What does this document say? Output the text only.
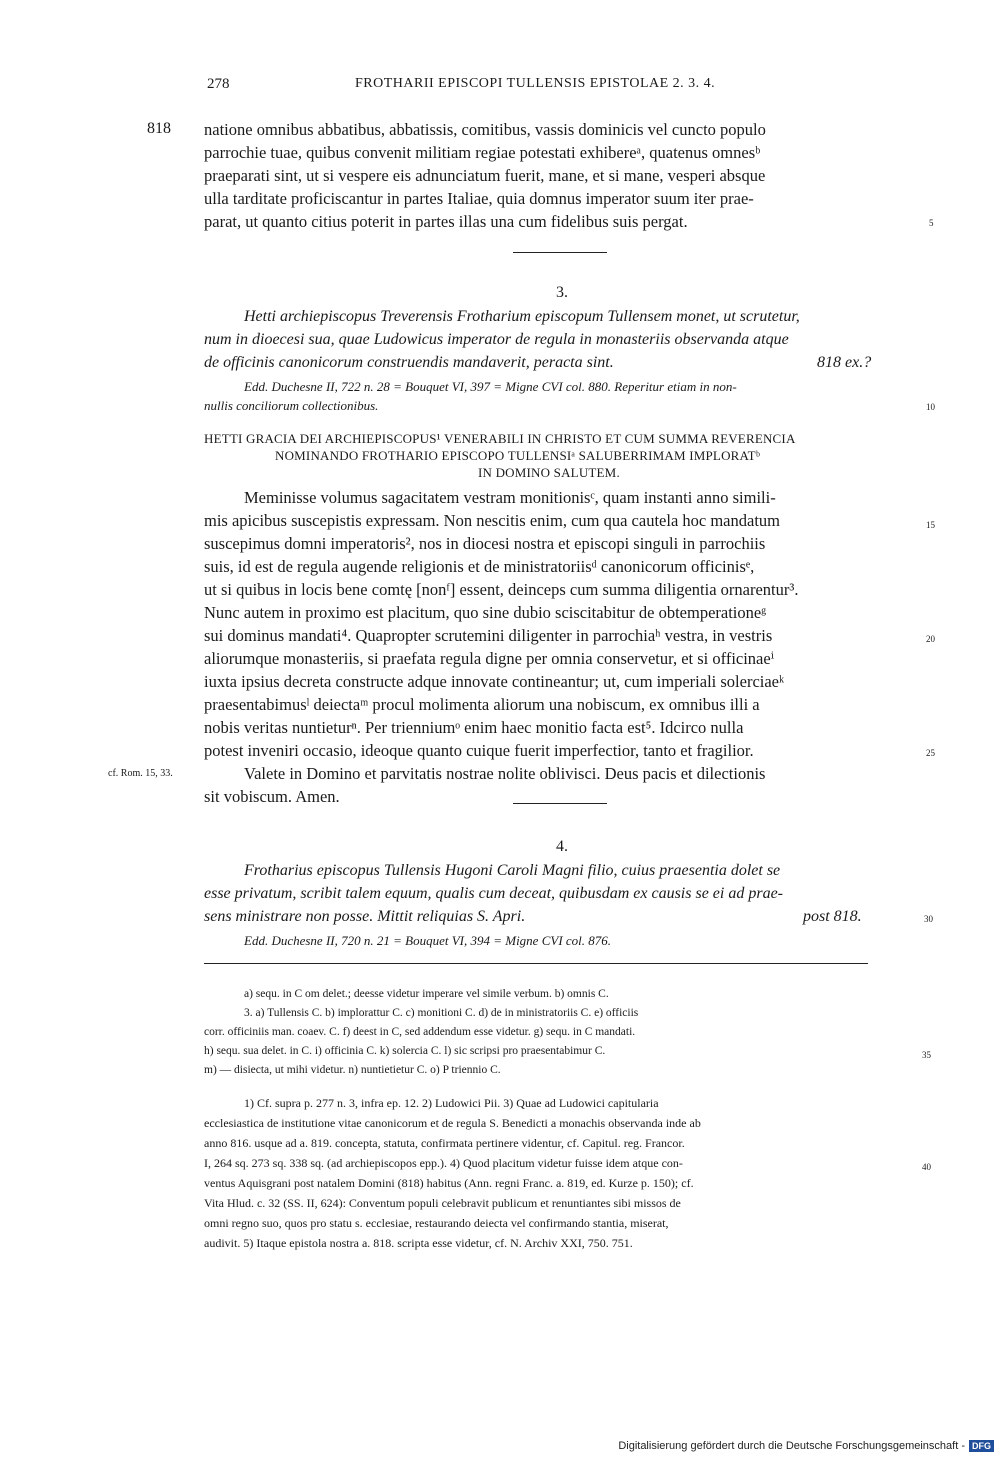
278	FROTHARII EPISCOPI TULLENSIS EPISTOLAE 2. 3. 4.
818 natione omnibus abbatibus, abbatissis, comitibus, vassis dominicis vel cuncto populo
parrochie tuae, quibus convenit militiam regiae potestati exhibereᵃ, quatenus omnesᵇ
praeparati sint, ut si vespere eis adnunciatum fuerit, mane, et si mane, vesperi absque
ulla tarditate proficiscantur in partes Italiae, quia domnus imperator suum iter prae-
parat, ut quanto citius poterit in partes illas una cum fidelibus suis pergat.	5
3.
Hetti archiepiscopus Treverensis Frotharium episcopum Tullensem monet, ut scrutetur,
num in dioecesi sua, quae Ludowicus imperator de regula in monasteriis observanda atque
de officinis canonicorum construendis mandaverit, peracta sint.	818 ex.?
Edd. Duchesne II, 722 n. 28 = Bouquet VI, 397 = Migne CVI col. 880. Reperitur etiam in non-
nullis conciliorum collectionibus.	10
HETTI GRACIA DEI ARCHIEPISCOPUS¹ VENERABILI IN CHRISTO ET CUM SUMMA REVERENCIA
NOMINANDO FROTHARIO EPISCOPO TULLENSIᵃ SALUBERRIMAM IMPLORATᵇ
IN DOMINO SALUTEM.
Meminisse volumus sagacitatem vestram monitionisᶜ, quam instanti anno simili-
mis apicibus suscepistis expressam. Non nescitis enim, cum qua cautela hoc mandatum
suscepimus domni imperatoris², nos in diocesi nostra et episcopi singuli in parrochiis
suis, id est de regula augende religionis et de ministratoriisᵈ canonicorum officinisᵉ,
ut si quibus in locis bene comtę [nonᶠ] essent, deinceps cum summa diligentia ornarentur³.
Nunc autem in proximo est placitum, quo sine dubio sciscitabitur de obtemperationeᵍ
sui dominus mandati⁴. Quapropter scrutemini diligenter in parrochiaʰ vestra, in vestris
aliorumque monasteriis, si praefata regula digne per omnia conservetur, et si officinaeⁱ
iuxta ipsius decreta constructe adque innovate contineantur; ut, cum imperiali solerciaeᵏ
praesentabimusˡ deiectaᵐ procul molimenta aliorum una nobiscum, ex omnibus illi a
nobis veritas nuntieturⁿ. Per trienniumᵒ enim haec monitio facta est⁵. Idcirco nulla
potest inveniri occasio, ideoque quanto cuique fuerit imperfectior, tanto et fragilior.
Valete in Domino et parvitatis nostrae nolite oblivisci. Deus pacis et dilectionis
sit vobiscum. Amen.
15
20
25
cf. Rom. 15, 33.
4.
Frotharius episcopus Tullensis Hugoni Caroli Magni filio, cuius praesentia dolet se
esse privatum, scribit talem equum, qualis cum deceat, quibusdam ex causis se ei ad prae-
sens ministrare non posse. Mittit reliquias S. Apri.	post 818.	30
Edd. Duchesne II, 720 n. 21 = Bouquet VI, 394 = Migne CVI col. 876.
a) sequ. in C om delet.; deesse videtur imperare vel simile verbum. b) omnis C.
3. a) Tullensis C. b) implorattur C. c) monitioni C. d) de in ministratoriis C. e) officiis
corr. officiniis man. coaev. C. f) deest in C, sed addendum esse videtur. g) sequ. in C mandati.
h) sequ. sua delet. in C. i) officinia C. k) solercia C. l) sic scripsi pro praesentabimur C.
m) — disiecta, ut mihi videtur. n) nuntietietur C. o) P triennio C.
35
1) Cf. supra p. 277 n. 3, infra ep. 12. 2) Ludowici Pii. 3) Quae ad Ludowici capitularia
ecclesiastica de institutione vitae canonicorum et de regula S. Benedicti a monachis observanda inde ab
anno 816. usque ad a. 819. concepta, statuta, confirmata pertinere videntur, cf. Capitul. reg. Francor.
I, 264 sq. 273 sq. 338 sq. (ad archiepiscopos epp.). 4) Quod placitum videtur fuisse idem atque con-
ventus Aquisgrani post natalem Domini (818) habitus (Ann. regni Franc. a. 819, ed. Kurze p. 150); cf.
Vita Hlud. c. 32 (SS. II, 624): Conventum populi celebravit publicum et renuntiantes sibi missos de
omni regno suo, quos pro statu s. ecclesiae, restaurando deiecta vel confirmando stantia, miserat,
audivit. 5) Itaque epistola nostra a. 818. scripta esse videtur, cf. N. Archiv XXI, 750. 751.
40
Digitalisierung gefördert durch die Deutsche Forschungsgemeinschaft - DFG
